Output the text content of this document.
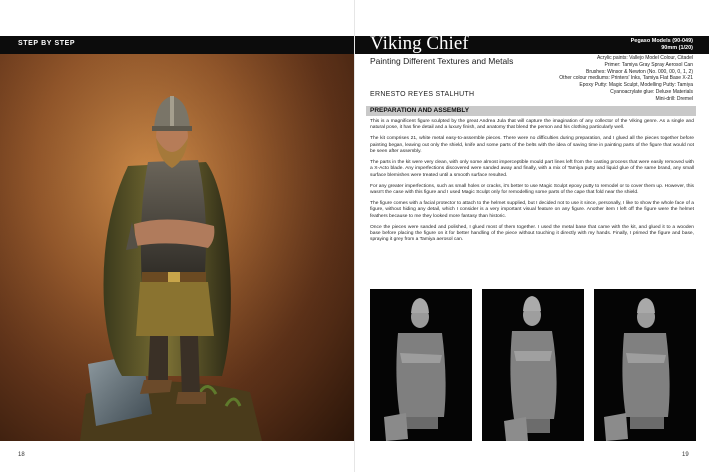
STEP BY STEP
18
Viking Chief	Pegaso Models (90-049)
90mm (1/20)
Painting Different Textures and Metals
ERNESTO REYES STALHUTH
Acrylic paints: Vallejo Model Colour, Citadel
Primer: Tamiya Gray Spray Aerosol Can
Brushes: Winsor & Newton (No. 000, 00, 0, 1, 2)
Other colour mediums: Printers' Inks, Tamiya Flat Base X-21
Epoxy Putty: Magic Sculpt, Modelling Putty: Tamiya
Cyanoacrylate glue: Deluxe Materials
Mini-drill: Dremel
PREPARATION AND ASSEMBLY

This is a magnificent figure sculpted by the great Andrea Jula that will capture the imagination of any collector of the Viking genre. As a single and natural pose, it has fine detail and a luxury finish, and anatomy that blend the person and his clothing particularly well.

The kit comprises 21, white metal easy-to-assemble pieces. There were no difficulties during preparation, and I glued all the pieces together before painting began, leaving out only the shield, knife and some parts of the belts with the idea of saving time in painting parts of the figure that would not be seen after assembly.

The parts in the kit were very clean, with only some almost imperceptible mould part lines left from the casting process that were easily removed with a X-Acto blade. Any imperfections discovered were sanded away and finally, with a mix of Tamiya putty and liquid glue of the same brand, any small surface blemishes were treated until a smooth surface resulted.

For any greater imperfections, such as small holes or cracks, it's better to use Magic Sculpt epoxy putty to remodel or to cover them up. However, this wasn't the case with this figure and I used Magic Sculpt only for remodelling some parts of the cape that fold near the shield.

The figure comes with a facial protector to attach to the helmet supplied, but I decided not to use it since, personally, I like to show the whole face of a figure, without hiding any detail, which I consider is a very important visual feature on any figure. Another item I left off the figure were the helmet feathers because to me they looked more fantasy than historic.

Once the pieces were sanded and polished, I glued most of them together. I used the metal base that came with the kit, and glued it to a wooden base before placing the figure on it for better handling of the piece without touching it directly with my hands. Finally, I primed the figure and base, spraying it grey from a Tamiya aerosol can.

19
